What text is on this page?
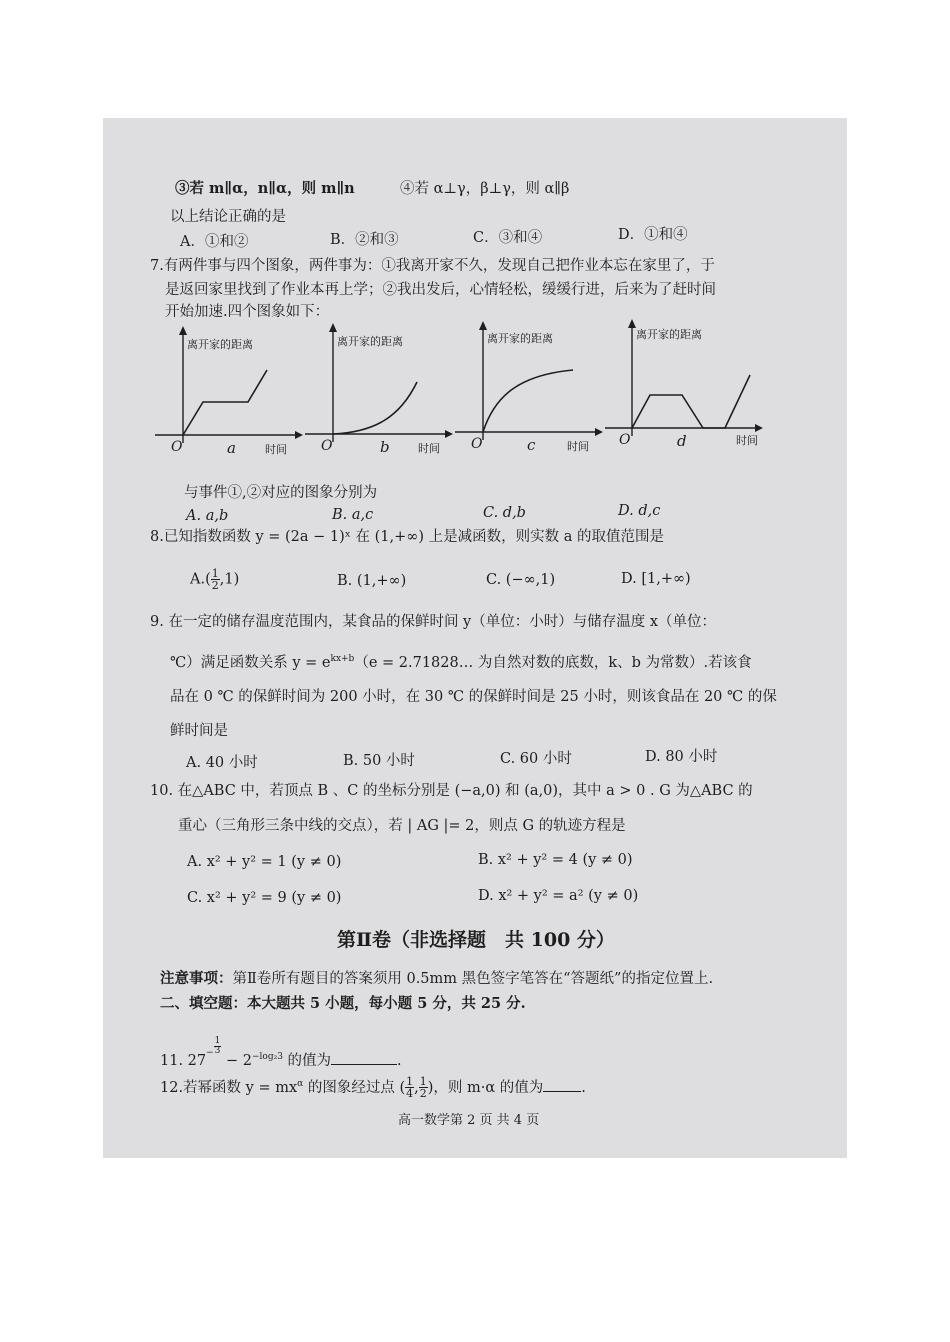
③若 m∥α，n∥α，则 m∥n	④若 α⊥γ，β⊥γ，则 α∥β
以上结论正确的是
A．①和②	B．②和③	C．③和④	D．①和④
7.有两件事与四个图象，两件事为：①我离开家不久，发现自己把作业本忘在家里了，于
是返回家里找到了作业本再上学；②我出发后，心情轻松，缓缓行进，后来为了赶时间
开始加速.四个图象如下：
离开家的距离
O	a	时间
离开家的距离
O	b	时间
离开家的距离
O	c	时间
离开家的距离
O	d	时间
与事件①,②对应的图象分别为
A. a,b	B. a,c	C. d,b	D. d,c
8.已知指数函数 y = (2a − 1)ˣ 在 (1,+∞) 上是减函数，则实数 a 的取值范围是
$A.( \frac{1}{2} ,1)$	B. (1,+∞)	C. (−∞,1)	D. [1,+∞)
9. 在一定的储存温度范围内，某食品的保鲜时间 y（单位：小时）与储存温度 x（单位：
℃）满足函数关系 $y = e^{kx+b}(e$ = 2.71828… 为自然对数的底数，k、b 为常数）.若该食
品在 0 ℃ 的保鲜时间为 200 小时，在 30 ℃ 的保鲜时间是 25 小时，则该食品在 20 ℃ 的保
鲜时间是
A. 40 小时	B. 50 小时	C. 60 小时	D. 80 小时
10. 在△ABC 中，若顶点 B 、C 的坐标分别是 (−a,0) 和 (a,0)，其中 a > 0 . G 为△ABC 的
重心（三角形三条中线的交点），若 | AG |= 2，则点 G 的轨迹方程是
A. x² + y² = 1 (y ≠ 0)	B. x² + y² = 4 (y ≠ 0)
C. x² + y² = 9 (y ≠ 0)	D. x² + y² = a² (y ≠ 0)
第Ⅱ卷（非选择题　共 100 分）
注意事项：第Ⅱ卷所有题目的答案须用 0.5mm 黑色签字笔答在“答题纸”的指定位置上.
二、填空题：本大题共 5 小题，每小题 5 分，共 25 分.
11. $27^- \frac{1}{3}$
− $2^{-log_23}$ 的值为	.
12.若幂函数 $y = mx^\alpha$ 的图象经过点 ( $\frac{1}{4}$ , $\frac{1}{2}$ )，则 m·α 的值为	.
高一数学第 2 页 共 4 页
